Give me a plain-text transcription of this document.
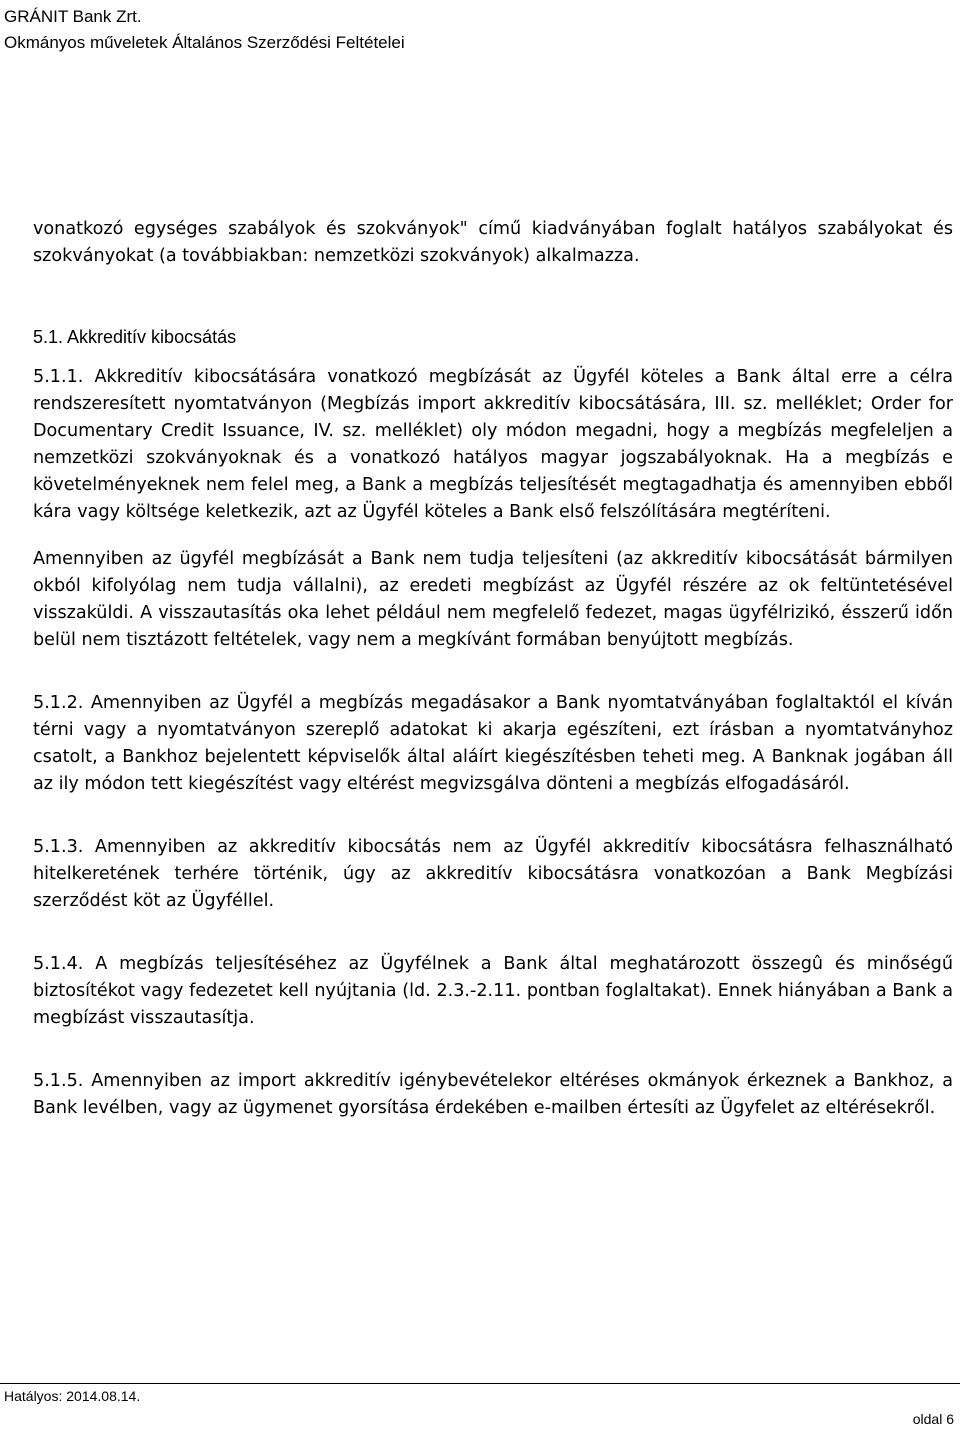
GRÁNIT Bank Zrt.
Okmányos műveletek Általános Szerződési Feltételei

vonatkozó egységes szabályok és szokványok" című kiadványában foglalt hatályos szabályokat és szokványokat (a továbbiakban: nemzetközi szokványok) alkalmazza.

5.1. Akkreditív kibocsátás

5.1.1. Akkreditív kibocsátására vonatkozó megbízását az Ügyfél köteles a Bank által erre a célra rendszeresített nyomtatványon (Megbízás import akkreditív kibocsátására, III. sz. melléklet; Order for Documentary Credit Issuance, IV. sz. melléklet) oly módon megadni, hogy a megbízás megfeleljen a nemzetközi szokványoknak és a vonatkozó hatályos magyar jogszabályoknak. Ha a megbízás e követelményeknek nem felel meg, a Bank a megbízás teljesítését megtagadhatja és amennyiben ebből kára vagy költsége keletkezik, azt az Ügyfél köteles a Bank első felszólítására megtéríteni.

Amennyiben az ügyfél megbízását a Bank nem tudja teljesíteni (az akkreditív kibocsátását bármilyen okból kifolyólag nem tudja vállalni), az eredeti megbízást az Ügyfél részére az ok feltüntetésével visszaküldi. A visszautasítás oka lehet például nem megfelelő fedezet, magas ügyfélrizikó, ésszerű időn belül nem tisztázott feltételek, vagy nem a megkívánt formában benyújtott megbízás.

5.1.2. Amennyiben az Ügyfél a megbízás megadásakor a Bank nyomtatványában foglaltaktól el kíván térni vagy a nyomtatványon szereplő adatokat ki akarja egészíteni, ezt írásban a nyomtatványhoz csatolt, a Bankhoz bejelentett képviselők által aláírt kiegészítésben teheti meg. A Banknak jogában áll az ily módon tett kiegészítést vagy eltérést megvizsgálva dönteni a megbízás elfogadásáról.

5.1.3. Amennyiben az akkreditív kibocsátás nem az Ügyfél akkreditív kibocsátásra felhasználható hitelkeretének terhére történik, úgy az akkreditív kibocsátásra vonatkozóan a Bank Megbízási szerződést köt az Ügyféllel.

5.1.4. A megbízás teljesítéséhez az Ügyfélnek a Bank által meghatározott összegû és minőségű biztosítékot vagy fedezetet kell nyújtania (ld. 2.3.-2.11. pontban foglaltakat). Ennek hiányában a Bank a megbízást visszautasítja.

5.1.5. Amennyiben az import akkreditív igénybevételekor eltéréses okmányok érkeznek a Bankhoz, a Bank levélben, vagy az ügymenet gyorsítása érdekében e-mailben értesíti az Ügyfelet az eltérésekről.

Hatályos: 2014.08.14.
oldal 6
